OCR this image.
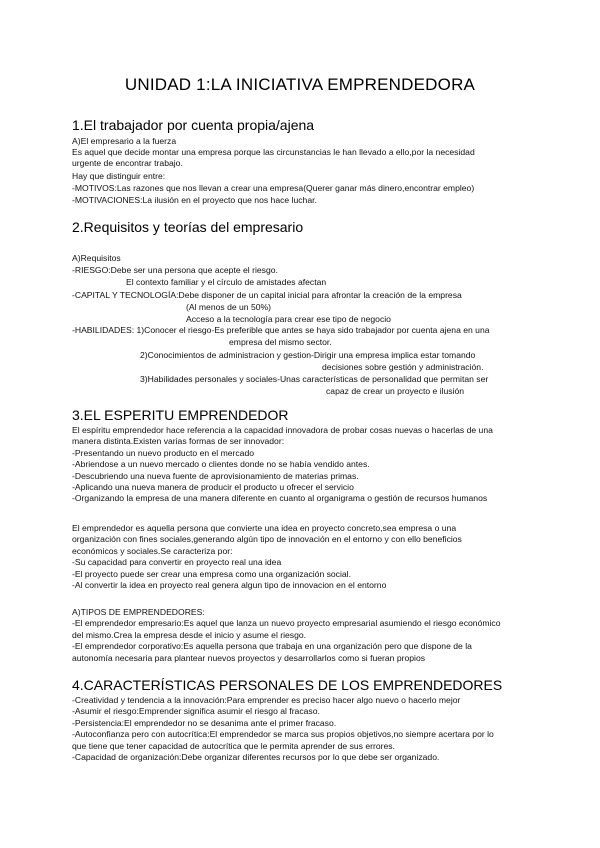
UNIDAD 1:LA INICIATIVA EMPRENDEDORA
1.El trabajador por cuenta propia/ajena
A)El empresario a la fuerza
Es aquel que decide montar una empresa porque las circunstancias le han llevado a ello,por la necesidad
urgente de encontrar trabajo.
Hay que distinguir entre:
-MOTIVOS:Las razones que nos llevan a crear una empresa(Querer ganar más dinero,encontrar empleo)
-MOTIVACIONES:La ilusión en el proyecto que nos hace luchar.
2.Requisitos y teorías del empresario
A)Requisitos
-RIESGO:Debe ser una persona que acepte el riesgo.
El contexto familiar y el círculo de amistades afectan
-CAPITAL Y TECNOLOGÍA:Debe disponer de un capital inicial para afrontar la creación de la empresa
(Al menos de un 50%)
Acceso a la tecnología para crear ese tipo de negocio
-HABILIDADES: 1)Conocer el riesgo-Es preferible que antes se haya sido trabajador por cuenta ajena en una
empresa del mismo sector.
2)Conocimientos de administracion y gestion-Dirigir una empresa implica estar tomando
decisiones sobre gestión y administración.
3)Habilidades personales y sociales-Unas características de personalidad que permitan ser
capaz de crear un proyecto e ilusión
3.EL ESPERITU EMPRENDEDOR
El espíritu emprendedor hace referencia a la capacidad innovadora de probar cosas nuevas o hacerlas de una
manera distinta.Existen varias formas de ser innovador:
-Presentando un nuevo producto en el mercado
-Abriendose a un nuevo mercado o clientes donde no se había vendido antes.
-Descubriendo una nueva fuente de aprovisionamiento de materias primas.
-Aplicando una nueva manera de producir el producto u ofrecer el servicio
-Organizando la empresa de una manera diferente en cuanto al organigrama o gestión de recursos humanos
El emprendedor es aquella persona que convierte una idea en proyecto concreto,sea empresa o una
organización con fines sociales,generando algún tipo de innovación en el entorno y con ello beneficios
económicos y sociales.Se caracteriza por:
-Su capacidad para convertir en proyecto real una idea
-El proyecto puede ser crear una empresa como una organización social.
-Al convertir la idea en proyecto real genera algun tipo de innovacion en el entorno
A)TIPOS DE EMPRENDEDORES:
-El emprendedor empresario:Es aquel que lanza un nuevo proyecto empresarial asumiendo el riesgo económico
del mismo.Crea la empresa desde el inicio y asume el riesgo.
-El emprendedor corporativo:Es aquella persona que trabaja en una organización pero que dispone de la
autonomía necesaria para plantear nuevos proyectos y desarrollarlos como si fueran propios
4.CARACTERÍSTICAS PERSONALES DE LOS EMPRENDEDORES
-Creatividad y tendencia a la innovación:Para emprender es preciso hacer algo nuevo o hacerlo mejor
-Asumir el riesgo:Emprender significa asumir el riesgo al fracaso.
-Persistencia:El emprendedor no se desanima ante el primer fracaso.
-Autoconfianza pero con autocrítica:El emprendedor se marca sus propios objetivos,no siempre acertara por lo
que tiene que tener capacidad de autocrítica que le permita aprender de sus errores.
-Capacidad de organización:Debe organizar diferentes recursos por lo que debe ser organizado.
